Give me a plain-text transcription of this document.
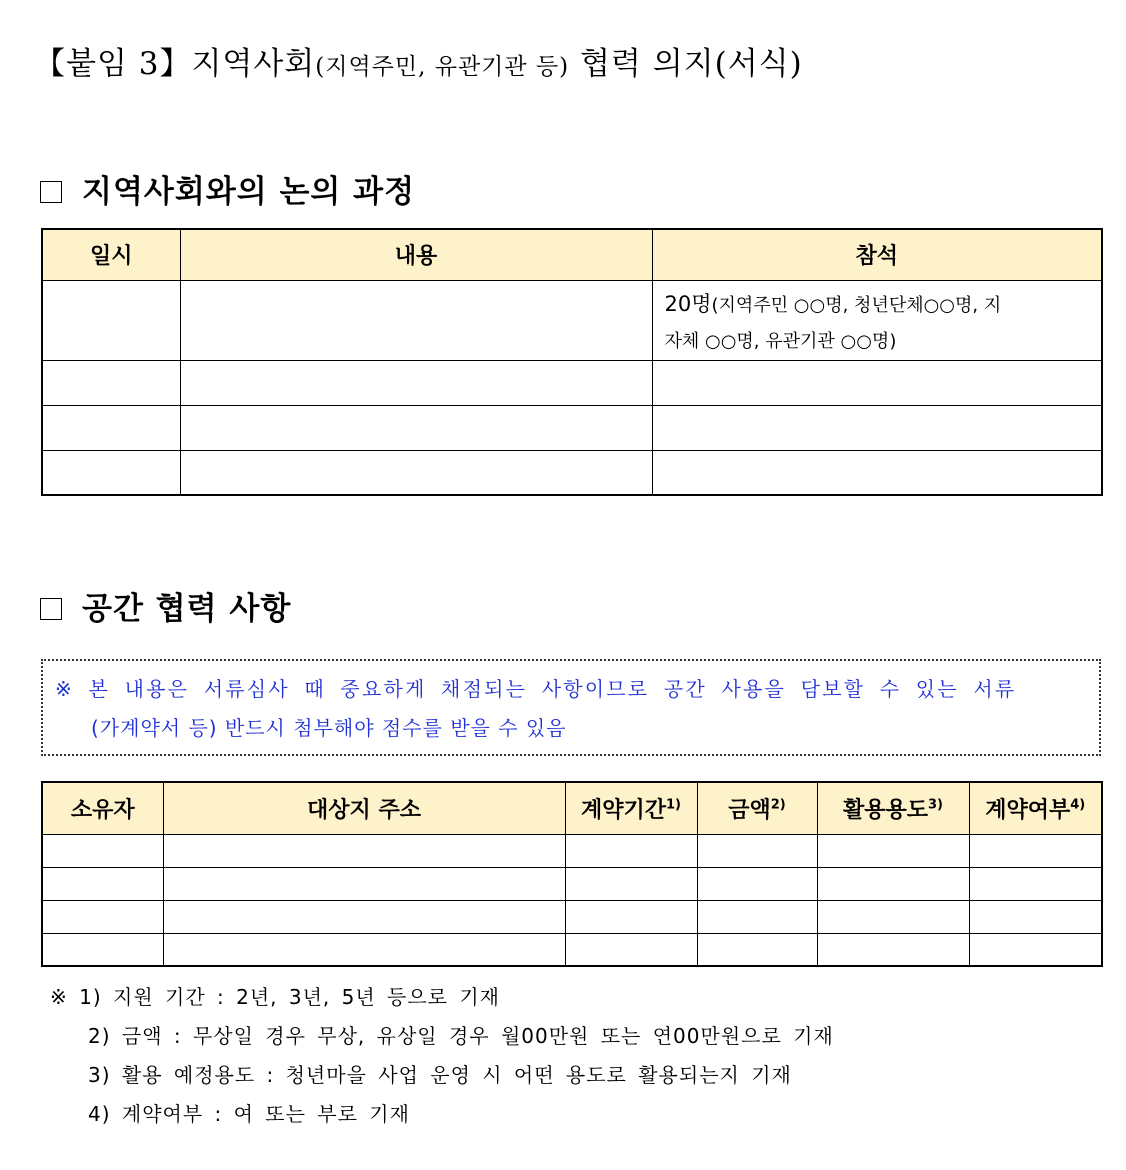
【붙임 3】지역사회(지역주민, 유관기관 등) 협력 의지(서식)
지역사회와의 논의 과정
일시	내용	참석
		20명(지역주민 ○○명, 청년단체○○명, 지
자체 ○○명, 유관기관 ○○명)

공간 협력 사항
※ 본 내용은 서류심사 때 중요하게 채점되는 사항이므로 공간 사용을 담보할 수 있는 서류
(가계약서 등) 반드시 첨부해야 점수를 받을 수 있음
소유자	대상지 주소	계약기간$^{1)}$	금액$^{2)}$	활용용도$^{3)}$	계약여부$^{4)}$

※ 1) 지원 기간 : 2년, 3년, 5년 등으로 기재
2) 금액 : 무상일 경우 무상, 유상일 경우 월00만원 또는 연00만원으로 기재
3) 활용 예정용도 : 청년마을 사업 운영 시 어떤 용도로 활용되는지 기재
4) 계약여부 : 여 또는 부로 기재
